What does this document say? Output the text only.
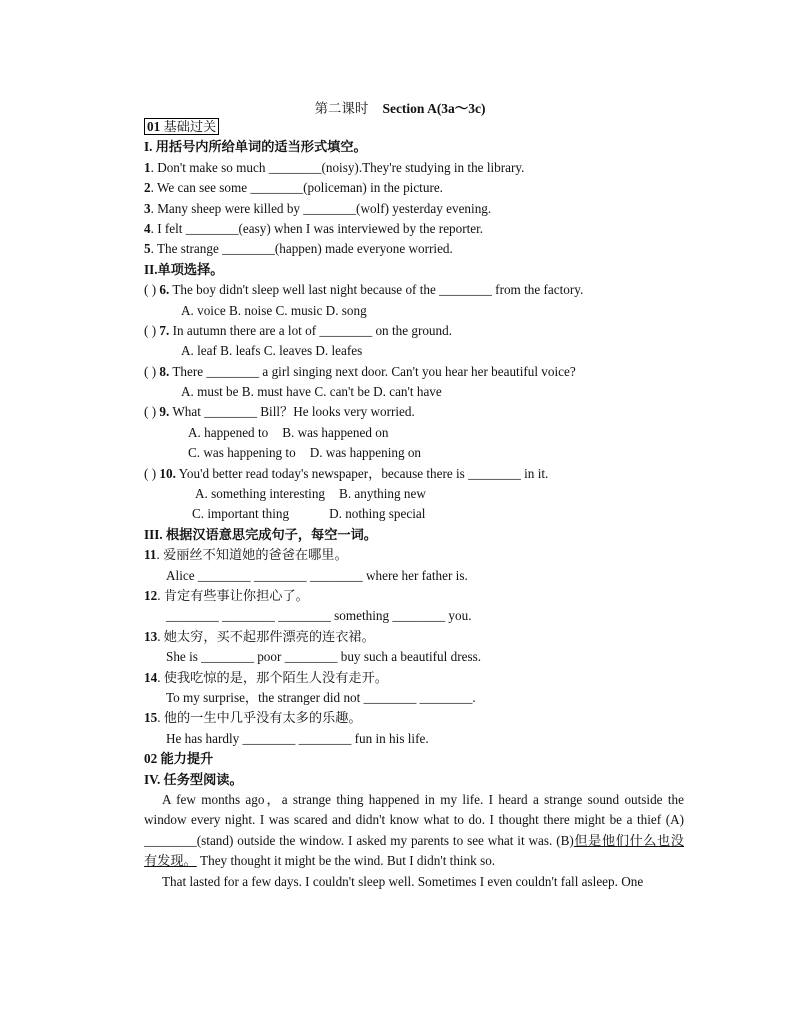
第二课时 Section A(3a～3c)
01 基础过关
I. 用括号内所给单词的适当形式填空。
1. Don't make so much ________(noisy).They're studying in the library.
2. We can see some ________(policeman) in the picture.
3. Many sheep were killed by ________(wolf) yesterday evening.
4. I felt ________(easy) when I was interviewed by the reporter.
5. The strange ________(happen) made everyone worried.
II.单项选择。
( ) 6. The boy didn't sleep well last night because of the ________ from the factory.
A. voice B. noise C. music D. song
( ) 7. In autumn there are a lot of ________ on the ground.
A. leaf B. leafs C. leaves D. leafes
( ) 8. There ________ a girl singing next door. Can't you hear her beautiful voice?
A. must be B. must have C. can't be D. can't have
( ) 9. What ________ Bill？He looks very worried.
A. happened to B. was happened on
C. was happening to D. was happening on
( ) 10. You'd better read today's newspaper，because there is ________ in it.
A. something interesting B. anything new
C. important thing	D. nothing special
III. 根据汉语意思完成句子，每空一词。
11. 爱丽丝不知道她的爸爸在哪里。
Alice ________ ________ ________ where her father is.
12. 肯定有些事让你担心了。
________ ________ ________ something ________ you.
13. 她太穷，买不起那件漂亮的连衣裙。
She is ________ poor ________ buy such a beautiful dress.
14. 使我吃惊的是，那个陌生人没有走开。
To my surprise，the stranger did not ________ ________.
15. 他的一生中几乎没有太多的乐趣。
He has hardly ________ ________ fun in his life.
02 能力提升
IV. 任务型阅读。
A few months ago，a strange thing happened in my life. I heard a strange sound outside the window every night. I was scared and didn't know what to do. I thought there might be a thief (A) ________(stand) outside the window. I asked my parents to see what it was. (B)但是他们什么也没有发现。 They thought it might be the wind. But I didn't think so.
That lasted for a few days. I couldn't sleep well. Sometimes I even couldn't fall asleep. One
